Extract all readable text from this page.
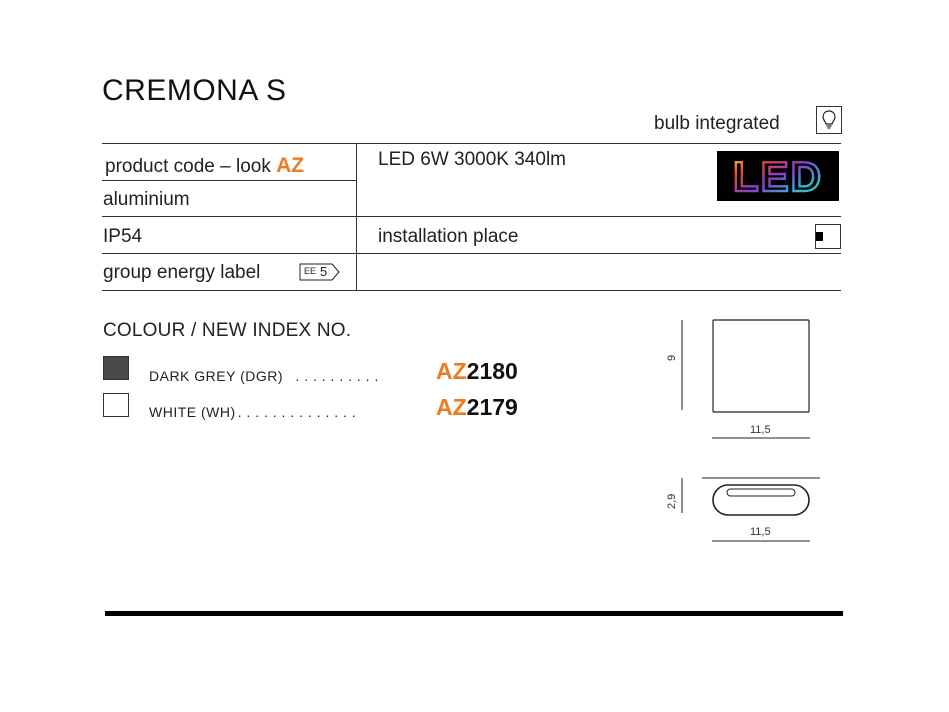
CREMONA S
bulb integrated
product code – look AZ	LED 6W 3000K 340lm	LED
aluminium
IP54	installation place
group energy label	EE 5
COLOUR / NEW INDEX NO.
DARK GREY (DGR) . . . . . . . . . . AZ2180
WHITE (WH) . . . . . . . . . . . . . .	AZ2179
9
11,5
2,9
11,5
